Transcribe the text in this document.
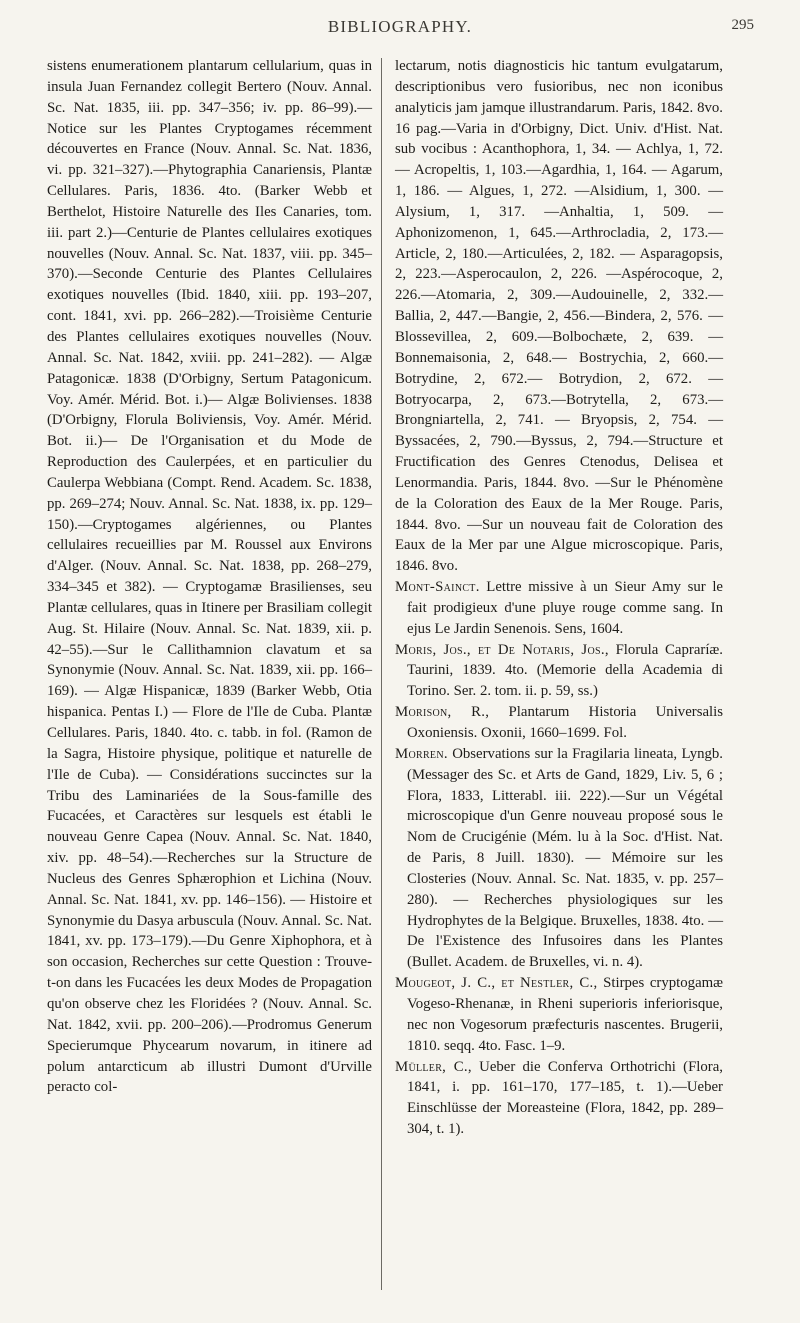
BIBLIOGRAPHY.	295

sistens enumerationem plantarum cellularium, quas in insula Juan Fernandez collegit Bertero (Nouv. Annal. Sc. Nat. 1835, iii. pp. 347–356; iv. pp. 86–99).—Notice sur les Plantes Cryptogames récemment découvertes en France (Nouv. Annal. Sc. Nat. 1836, vi. pp. 321–327).—Phytographia Canariensis, Plantæ Cellulares. Paris, 1836. 4to. (Barker Webb et Berthelot, Histoire Naturelle des Iles Canaries, tom. iii. part 2.)—Centurie de Plantes cellulaires exotiques nouvelles (Nouv. Annal. Sc. Nat. 1837, viii. pp. 345–370).—Seconde Centurie des Plantes Cellulaires exotiques nouvelles (Ibid. 1840, xiii. pp. 193–207, cont. 1841, xvi. pp. 266–282).—Troisième Centurie des Plantes cellulaires exotiques nouvelles (Nouv. Annal. Sc. Nat. 1842, xviii. pp. 241–282). — Algæ Patagonicæ. 1838 (D'Orbigny, Sertum Patagonicum. Voy. Amér. Mérid. Bot. i.)— Algæ Bolivienses. 1838 (D'Orbigny, Florula Boliviensis, Voy. Amér. Mérid. Bot. ii.)— De l'Organisation et du Mode de Reproduction des Caulerpées, et en particulier du Caulerpa Webbiana (Compt. Rend. Academ. Sc. 1838, pp. 269–274; Nouv. Annal. Sc. Nat. 1838, ix. pp. 129–150).—Cryptogames algériennes, ou Plantes cellulaires recueillies par M. Roussel aux Environs d'Alger. (Nouv. Annal. Sc. Nat. 1838, pp. 268–279, 334–345 et 382). — Cryptogamæ Brasilienses, seu Plantæ cellulares, quas in Itinere per Brasiliam collegit Aug. St. Hilaire (Nouv. Annal. Sc. Nat. 1839, xii. p. 42–55).—Sur le Callithamnion clavatum et sa Synonymie (Nouv. Annal. Sc. Nat. 1839, xii. pp. 166–169). — Algæ Hispanicæ, 1839 (Barker Webb, Otia hispanica. Pentas I.) — Flore de l'Ile de Cuba. Plantæ Cellulares. Paris, 1840. 4to. c. tabb. in fol. (Ramon de la Sagra, Histoire physique, politique et naturelle de l'Ile de Cuba). — Considérations succinctes sur la Tribu des Laminariées de la Sous-famille des Fucacées, et Caractères sur lesquels est établi le nouveau Genre Capea (Nouv. Annal. Sc. Nat. 1840, xiv. pp. 48–54).—Recherches sur la Structure de Nucleus des Genres Sphærophion et Lichina (Nouv. Annal. Sc. Nat. 1841, xv. pp. 146–156). — Histoire et Synonymie du Dasya arbuscula (Nouv. Annal. Sc. Nat. 1841, xv. pp. 173–179).—Du Genre Xiphophora, et à son occasion, Recherches sur cette Question : Trouve-t-on dans les Fucacées les deux Modes de Propagation qu'on observe chez les Floridées ? (Nouv. Annal. Sc. Nat. 1842, xvii. pp. 200–206).—Prodromus Generum Specierumque Phycearum novarum, in itinere ad polum antarcticum ab illustri Dumont d'Urville peracto col-

lectarum, notis diagnosticis hic tantum evulgatarum, descriptionibus vero fusioribus, nec non iconibus analyticis jam jamque illustrandarum. Paris, 1842. 8vo. 16 pag.—Varia in d'Orbigny, Dict. Univ. d'Hist. Nat. sub vocibus : Acanthophora, 1, 34. — Achlya, 1, 72. — Acropeltis, 1, 103.—Agardhia, 1, 164. — Agarum, 1, 186. — Algues, 1, 272. —Alsidium, 1, 300. — Alysium, 1, 317. —Anhaltia, 1, 509. — Aphonizomenon, 1, 645.—Arthrocladia, 2, 173.—Article, 2, 180.—Articulées, 2, 182. — Asparagopsis, 2, 223.—Asperocaulon, 2, 226. —Aspérocoque, 2, 226.—Atomaria, 2, 309.—Audouinelle, 2, 332.— Ballia, 2, 447.—Bangie, 2, 456.—Bindera, 2, 576. —Blossevillea, 2, 609.—Bolbochæte, 2, 639. — Bonnemaisonia, 2, 648.— Bostrychia, 2, 660.—Botrydine, 2, 672.— Botrydion, 2, 672. — Botryocarpa, 2, 673.—Botrytella, 2, 673.—Brongniartella, 2, 741. — Bryopsis, 2, 754. — Byssacées, 2, 790.—Byssus, 2, 794.—Structure et Fructification des Genres Ctenodus, Delisea et Lenormandia. Paris, 1844. 8vo. —Sur le Phénomène de la Coloration des Eaux de la Mer Rouge. Paris, 1844. 8vo. —Sur un nouveau fait de Coloration des Eaux de la Mer par une Algue microscopique. Paris, 1846. 8vo.

Mont-Sainct. Lettre missive à un Sieur Amy sur le fait prodigieux d'une pluye rouge comme sang. In ejus Le Jardin Senenois. Sens, 1604.

Moris, Jos., et De Notaris, Jos., Florula Capraríæ. Taurini, 1839. 4to. (Memorie della Academia di Torino. Ser. 2. tom. ii. p. 59, ss.)

Morison, R., Plantarum Historia Universalis Oxoniensis. Oxonii, 1660–1699. Fol.

Morren. Observations sur la Fragilaria lineata, Lyngb. (Messager des Sc. et Arts de Gand, 1829, Liv. 5, 6 ; Flora, 1833, Litterabl. iii. 222).—Sur un Végétal microscopique d'un Genre nouveau proposé sous le Nom de Crucigénie (Mém. lu à la Soc. d'Hist. Nat. de Paris, 8 Juill. 1830). — Mémoire sur les Closteries (Nouv. Annal. Sc. Nat. 1835, v. pp. 257–280). — Recherches physiologiques sur les Hydrophytes de la Belgique. Bruxelles, 1838. 4to. — De l'Existence des Infusoires dans les Plantes (Bullet. Academ. de Bruxelles, vi. n. 4).

Mougeot, J. C., et Nestler, C., Stirpes cryptogamæ Vogeso-Rhenanæ, in Rheni superioris inferiorisque, nec non Vogesorum præfecturis nascentes. Brugerii, 1810. seqq. 4to. Fasc. 1–9.

Müller, C., Ueber die Conferva Orthotrichi (Flora, 1841, i. pp. 161–170, 177–185, t. 1).—Ueber Einschlüsse der Moreasteine (Flora, 1842, pp. 289–304, t. 1).
